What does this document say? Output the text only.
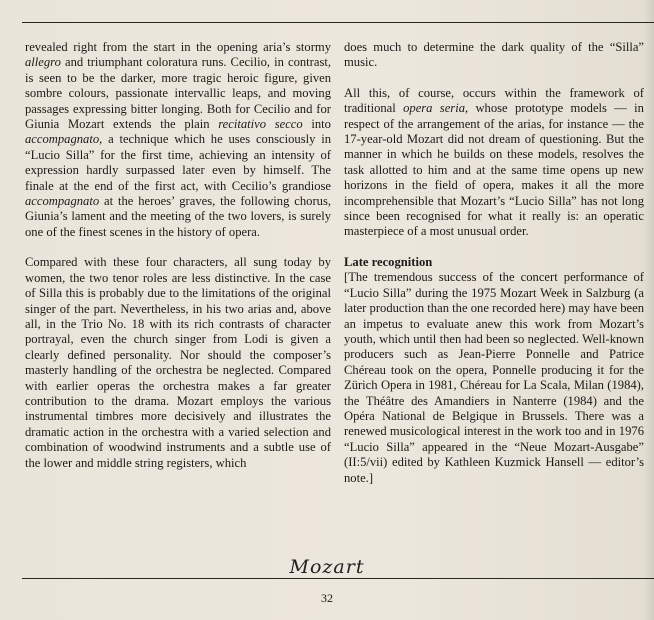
revealed right from the start in the opening aria’s stormy allegro and triumphant coloratura runs. Cecilio, in contrast, is seen to be the darker, more tragic heroic figure, given sombre colours, passionate intervallic leaps, and moving passages expressing bitter longing. Both for Cecilio and for Giunia Mozart extends the plain recitativo secco into accompagnato, a technique which he uses consciously in “Lucio Silla” for the first time, achieving an intensity of expression hardly surpassed later even by himself. The finale at the end of the first act, with Cecilio’s grandiose accompagnato at the heroes’ graves, the following chorus, Giunia’s lament and the meeting of the two lovers, is surely one of the finest scenes in the history of opera.

Compared with these four characters, all sung today by women, the two tenor roles are less distinctive. In the case of Silla this is probably due to the limitations of the original singer of the part. Nevertheless, in his two arias and, above all, in the Trio No. 18 with its rich contrasts of character portrayal, even the church singer from Lodi is given a clearly defined personality. Nor should the composer’s masterly handling of the orchestra be neglected. Compared with earlier operas the orchestra makes a far greater contribution to the drama. Mozart employs the various instrumental timbres more decisively and illustrates the dramatic action in the orchestra with a varied selection and combination of woodwind instruments and a subtle use of the lower and middle string registers, which

does much to determine the dark quality of the “Silla” music.

All this, of course, occurs within the framework of traditional opera seria, whose prototype models — in respect of the arrangement of the arias, for instance — the 17-year-old Mozart did not dream of questioning. But the manner in which he builds on these models, resolves the task allotted to him and at the same time opens up new horizons in the field of opera, makes it all the more incomprehensible that Mozart’s “Lucio Silla” has not long since been recognised for what it really is: an operatic masterpiece of a most unusual order.

Late recognition

[The tremendous success of the concert performance of “Lucio Silla” during the 1975 Mozart Week in Salzburg (a later production than the one recorded here) may have been an impetus to evaluate anew this work from Mozart’s youth, which until then had been so neglected. Well-known producers such as Jean-Pierre Ponnelle and Patrice Chéreau took on the opera, Ponnelle producing it for the Zürich Opera in 1981, Chéreau for La Scala, Milan (1984), the Théâtre des Amandiers in Nanterre (1984) and the Opéra National de Belgique in Brussels. There was a renewed musicological interest in the work too and in 1976 “Lucio Silla” appeared in the “Neue Mozart-Ausgabe” (II:5/vii) edited by Kathleen Kuzmick Hansell — editor’s note.]

Mozart
32
